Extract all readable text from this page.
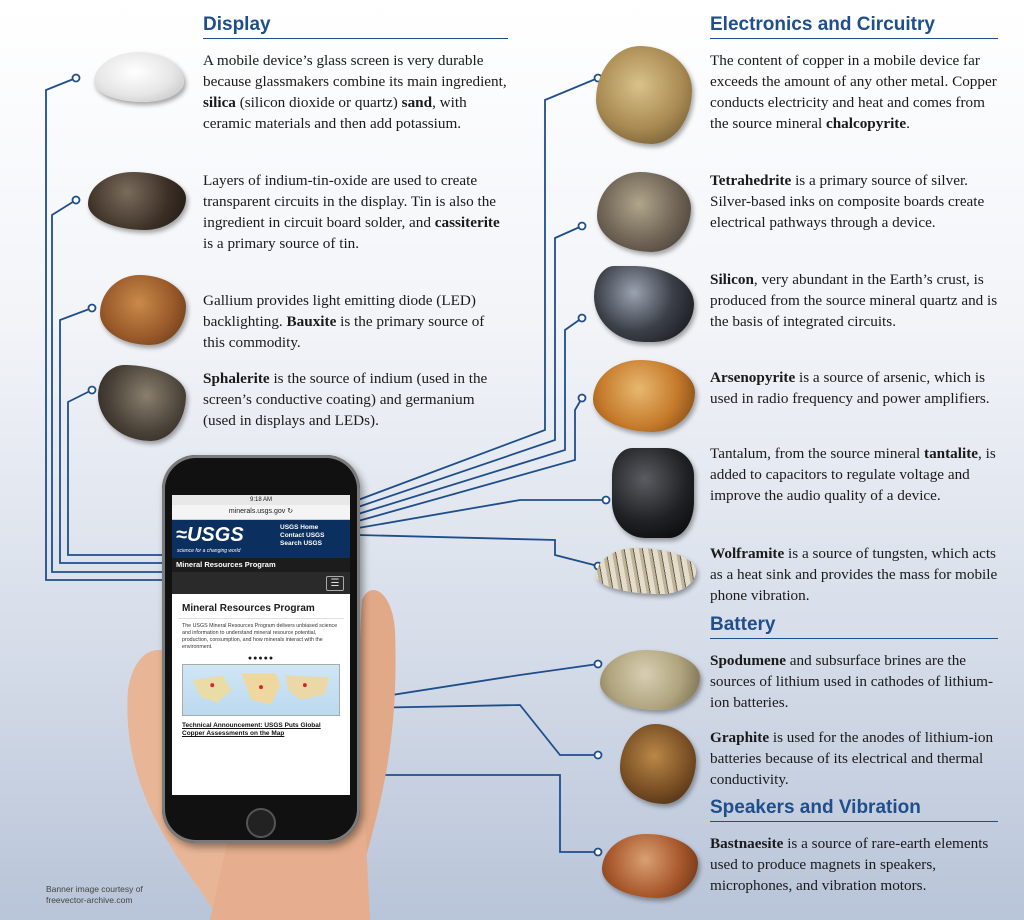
Display	Electronics and Circuitry
Battery
Speakers and Vibration
A mobile device’s glass screen is very durable because glassmakers combine its main ingredient, silica (silicon dioxide or quartz) sand, with ceramic materials and then add potassium.
Layers of indium-tin-oxide are used to create transparent circuits in the display. Tin is also the ingredient in circuit board solder, and cassiterite is a primary source of tin.
Gallium provides light emitting diode (LED) backlighting. Bauxite is the primary source of this commodity.
Sphalerite is the source of indium (used in the screen’s conductive coating) and germanium (used in displays and LEDs).
The content of copper in a mobile device far exceeds the amount of any other metal. Copper conducts electricity and heat and comes from the source mineral chalcopyrite.
Tetrahedrite is a primary source of silver. Silver-based inks on composite boards create electrical pathways through a device.
Silicon, very abundant in the Earth’s crust, is produced from the source mineral quartz and is the basis of integrated circuits.
Arsenopyrite is a source of arsenic, which is used in radio frequency and power amplifiers.
Tantalum, from the source mineral tantalite, is added to capacitors to regulate voltage and improve the audio quality of a device.
Wolframite is a source of tungsten, which acts as a heat sink and provides the mass for mobile phone vibration.
Spodumene and subsurface brines are the sources of lithium used in cathodes of lithium-ion batteries.
Graphite is used for the anodes of lithium-ion batteries because of its electrical and thermal conductivity.
Bastnaesite is a source of rare-earth elements used to produce magnets in speakers, microphones, and vibration motors.
9:18 AM
minerals.usgs.gov ↻
≈USGS
science for a changing world
USGS Home
Contact USGS
Search USGS
Mineral Resources Program
☰
Mineral Resources Program
The USGS Mineral Resources Program delivers unbiased science and information to understand mineral resource potential, production, consumption, and how minerals interact with the environment.
●●●●●
Technical Announcement: USGS Puts Global Copper Assessments on the Map
Banner image courtesy of
freevector-archive.com
